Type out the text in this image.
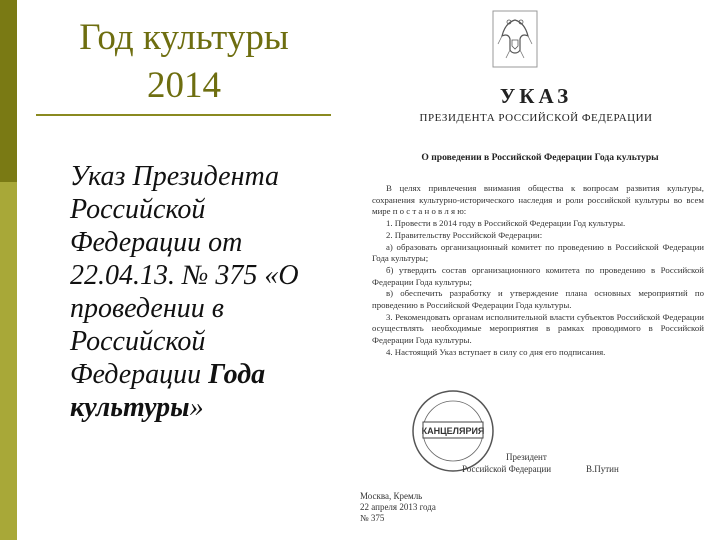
Год культуры
2014
Указ Президента Российской Федерации от 22.04.13. № 375 «О проведении в Российской Федерации Года культуры»
УКАЗ
ПРЕЗИДЕНТА РОССИЙСКОЙ ФЕДЕРАЦИИ
О проведении в Российской Федерации Года культуры

В целях привлечения внимания общества к вопросам развития культуры, сохранения культурно-исторического наследия и роли российской культуры во всем мире п о с т а н о в л я ю:

1. Провести в 2014 году в Российской Федерации Год культуры.

2. Правительству Российской Федерации:

а) образовать организационный комитет по проведению в Российской Федерации Года культуры;

б) утвердить состав организационного комитета по проведению в Российской Федерации Года культуры;

в) обеспечить разработку и утверждение плана основных мероприятий по проведению в Российской Федерации Года культуры.

3. Рекомендовать органам исполнительной власти субъектов Российской Федерации осуществлять необходимые мероприятия в рамках проводимого в Российской Федерации Года культуры.

4. Настоящий Указ вступает в силу со дня его подписания.

КАНЦЕЛЯРИЯ
Президент
Российской Федерации	В.Путин
Москва, Кремль
22 апреля 2013 года
№ 375
